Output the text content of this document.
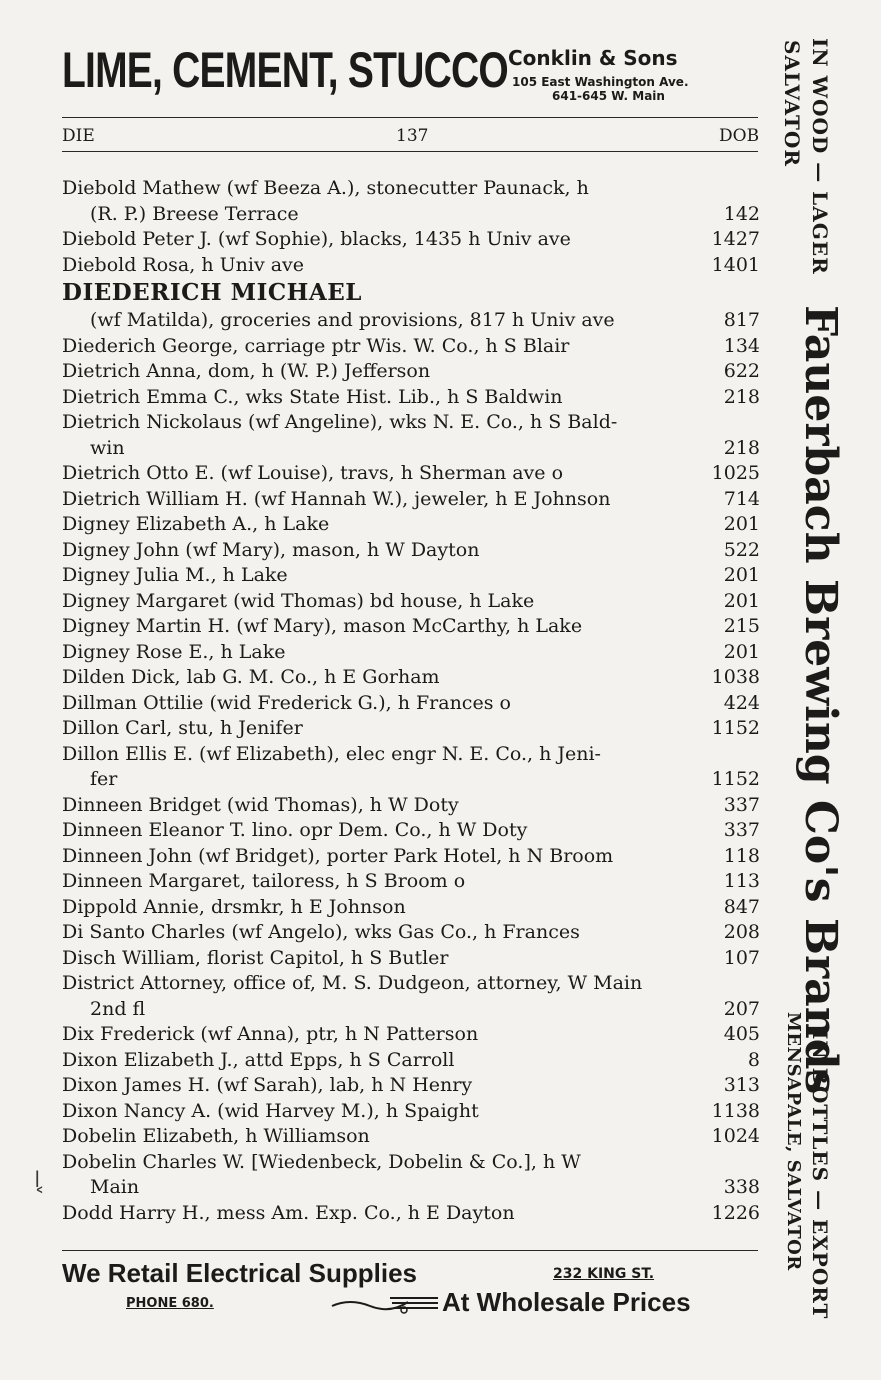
LIME, CEMENT, STUCCO Conklin & Sons
105 East Washington Ave.
641-645 W. Main
DIE	137	DOB
Diebold Mathew (wf Beeza A.), stonecutter Paunack, h
(R. P.) Breese Terrace	142
Diebold Peter J. (wf Sophie), blacks, 1435 h Univ ave	1427
Diebold Rosa, h Univ ave	1401
DIEDERICH MICHAEL
(wf Matilda), groceries and provisions, 817 h Univ ave	817
Diederich George, carriage ptr Wis. W. Co., h S Blair	134
Dietrich Anna, dom, h (W. P.) Jefferson	622
Dietrich Emma C., wks State Hist. Lib., h S Baldwin	218
Dietrich Nickolaus (wf Angeline), wks N. E. Co., h S Bald-
win	218
Dietrich Otto E. (wf Louise), travs, h Sherman ave o	1025
Dietrich William H. (wf Hannah W.), jeweler, h E Johnson	714
Digney Elizabeth A., h Lake	201
Digney John (wf Mary), mason, h W Dayton	522
Digney Julia M., h Lake	201
Digney Margaret (wid Thomas) bd house, h Lake	201
Digney Martin H. (wf Mary), mason McCarthy, h Lake	215
Digney Rose E., h Lake	201
Dilden Dick, lab G. M. Co., h E Gorham	1038
Dillman Ottilie (wid Frederick G.), h Frances o	424
Dillon Carl, stu, h Jenifer	1152
Dillon Ellis E. (wf Elizabeth), elec engr N. E. Co., h Jeni-
fer	1152
Dinneen Bridget (wid Thomas), h W Doty	337
Dinneen Eleanor T. lino. opr Dem. Co., h W Doty	337
Dinneen John (wf Bridget), porter Park Hotel, h N Broom	118
Dinneen Margaret, tailoress, h S Broom o	113
Dippold Annie, drsmkr, h E Johnson	847
Di Santo Charles (wf Angelo), wks Gas Co., h Frances	208
Disch William, florist Capitol, h S Butler	107
District Attorney, office of, M. S. Dudgeon, attorney, W Main
2nd fl	207
Dix Frederick (wf Anna), ptr, h N Patterson	405
Dixon Elizabeth J., attd Epps, h S Carroll	8
Dixon James H. (wf Sarah), lab, h N Henry	313
Dixon Nancy A. (wid Harvey M.), h Spaight	1138
Dobelin Elizabeth, h Williamson	1024
Dobelin Charles W. [Wiedenbeck, Dobelin & Co.], h W
Main	338
Dodd Harry H., mess Am. Exp. Co., h E Dayton	1226
ǀ
˂
We Retail Electrical Supplies	232 KING ST.
PHONE 680.	At Wholesale Prices
IN WOOD — LAGER
SALVATOR
Fauerbach Brewing Co's Brands
IN BOTTLES — EXPORT
MENSAPALE, SALVATOR
